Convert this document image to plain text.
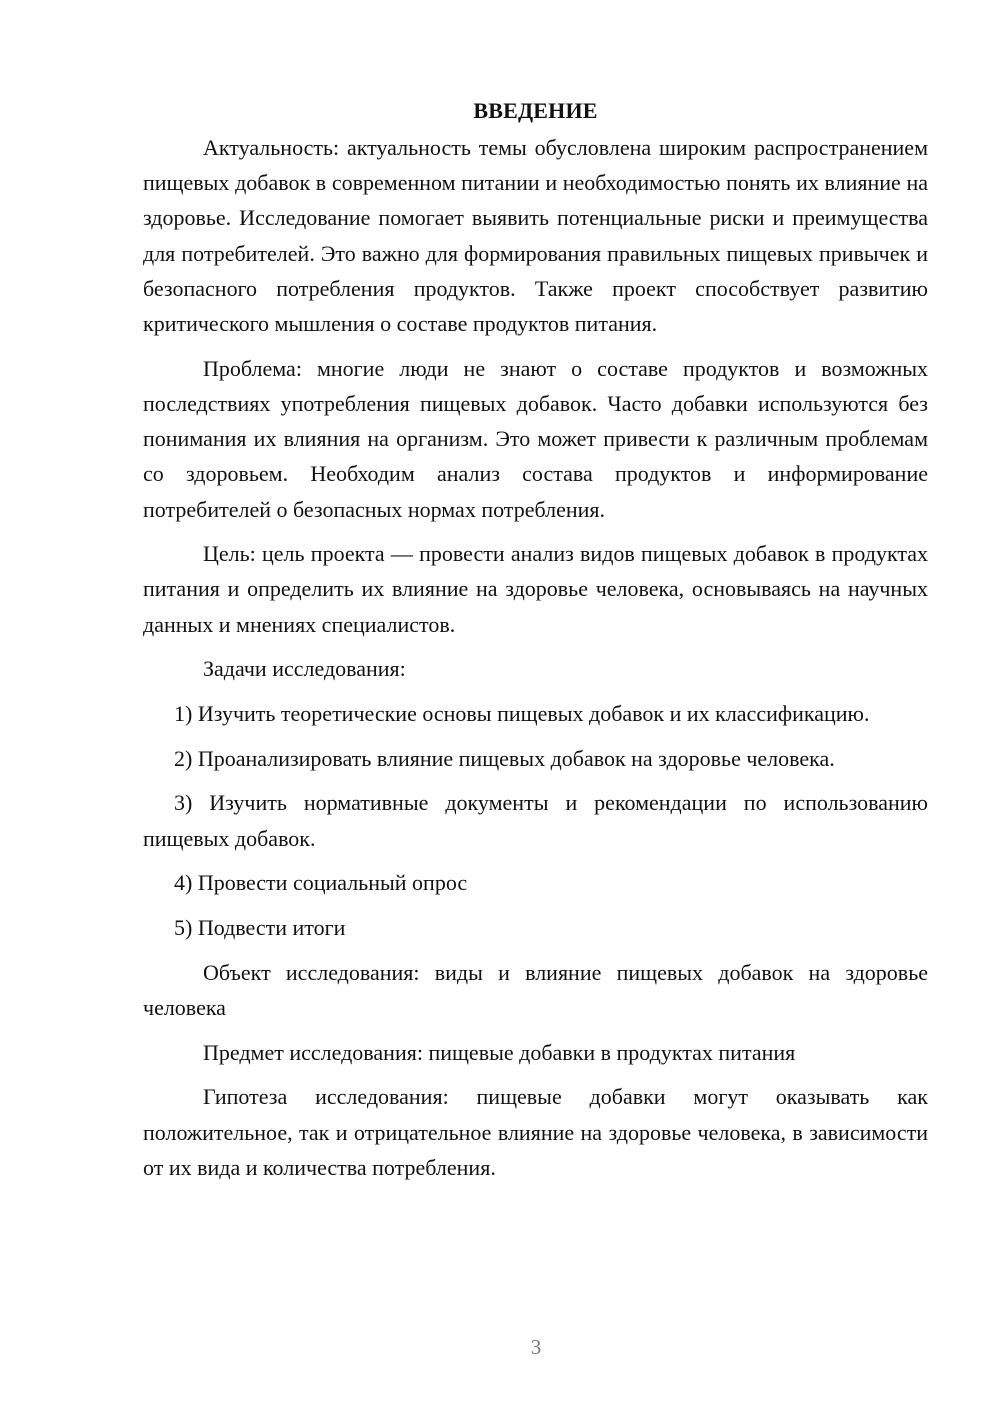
ВВЕДЕНИЕ

Актуальность: актуальность темы обусловлена широким распространением пищевых добавок в современном питании и необходимостью понять их влияние на здоровье. Исследование помогает выявить потенциальные риски и преимущества для потребителей. Это важно для формирования правильных пищевых привычек и безопасного потребления продуктов. Также проект способствует развитию критического мышления о составе продуктов питания.

Проблема: многие люди не знают о составе продуктов и возможных последствиях употребления пищевых добавок. Часто добавки используются без понимания их влияния на организм. Это может привести к различным проблемам со здоровьем. Необходим анализ состава продуктов и информирование потребителей о безопасных нормах потребления.

Цель: цель проекта — провести анализ видов пищевых добавок в продуктах питания и определить их влияние на здоровье человека, основываясь на научных данных и мнениях специалистов.

Задачи исследования:

1) Изучить теоретические основы пищевых добавок и их классификацию.

2) Проанализировать влияние пищевых добавок на здоровье человека.

3) Изучить нормативные документы и рекомендации по использованию пищевых добавок.

4) Провести социальный опрос

5) Подвести итоги

Объект исследования: виды и влияние пищевых добавок на здоровье человека

Предмет исследования: пищевые добавки в продуктах питания

Гипотеза исследования: пищевые добавки могут оказывать как положительное, так и отрицательное влияние на здоровье человека, в зависимости от их вида и количества потребления.

3
